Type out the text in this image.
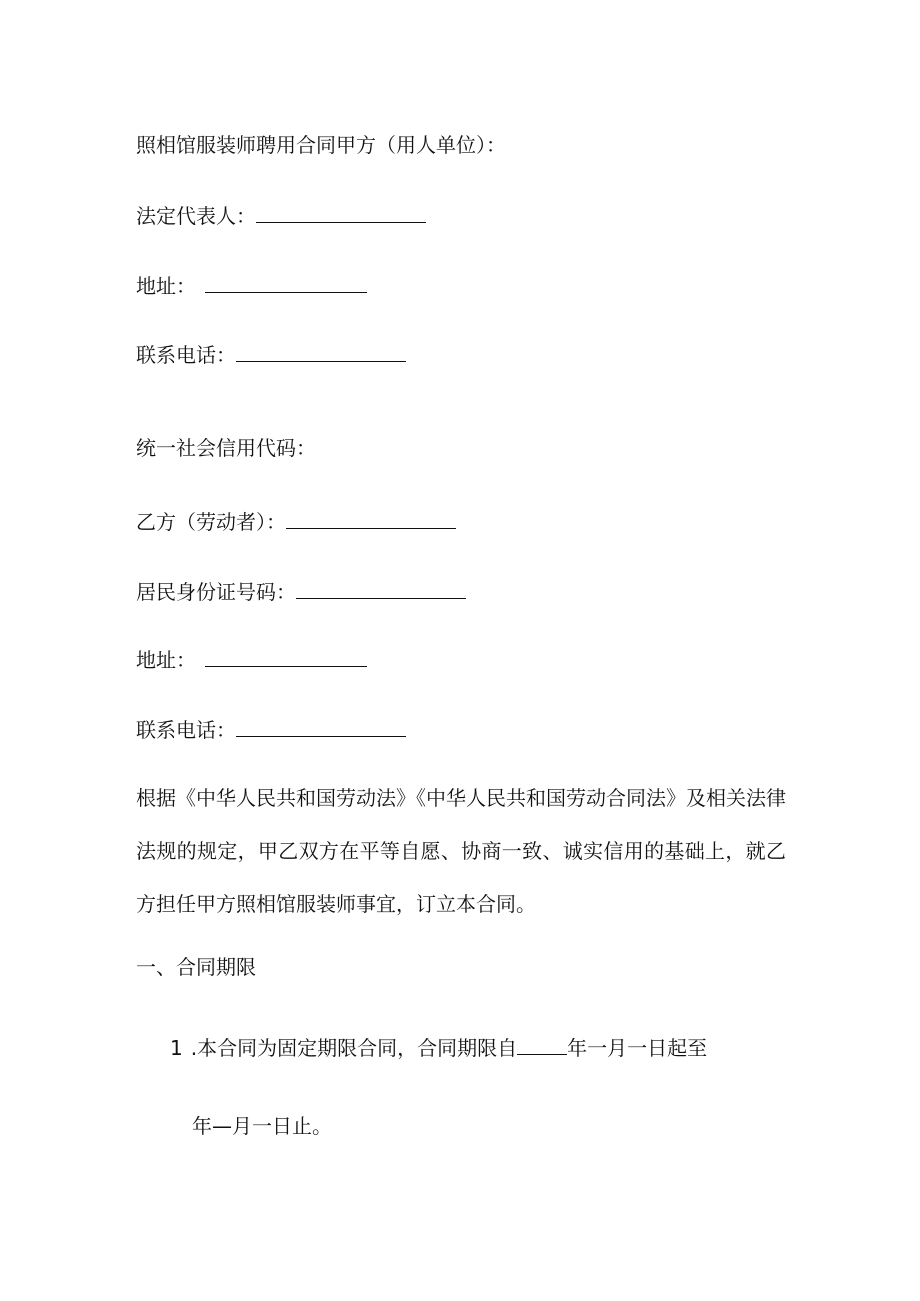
照相馆服装师聘用合同甲方（用人单位）：

法定代表人：

地址：

联系电话：

统一社会信用代码：

乙方（劳动者）：

居民身份证号码：

地址：

联系电话：

根据《中华人民共和国劳动法》《中华人民共和国劳动合同法》及相关法律法规的规定，甲乙双方在平等自愿、协商一致、诚实信用的基础上，就乙方担任甲方照相馆服装师事宜，订立本合同。

一、合同期限

1 .本合同为固定期限合同，合同期限自	年一月一日起至

年—月一日止。
